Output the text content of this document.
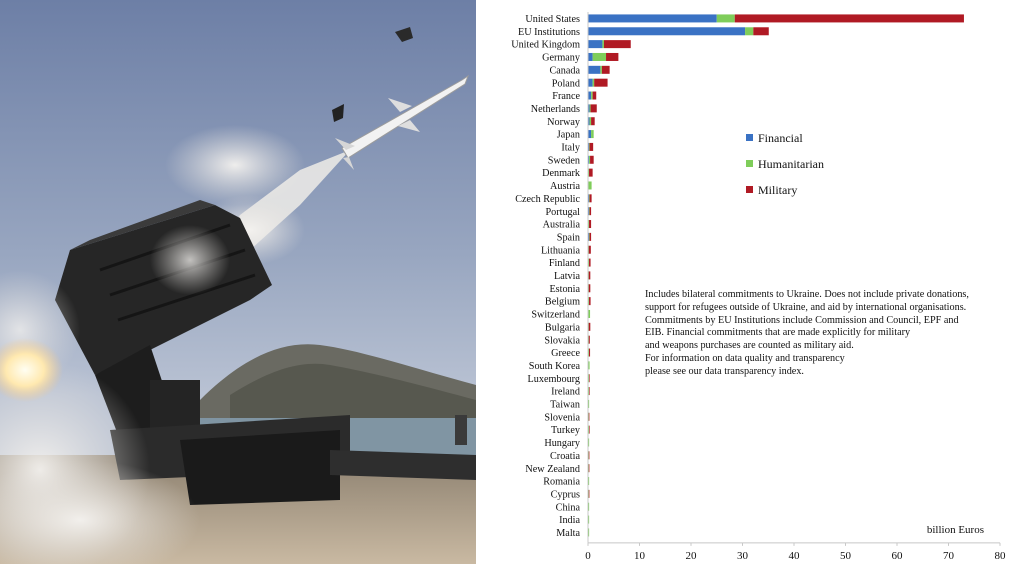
United States
EU Institutions
United Kingdom
Germany
Canada
Poland
France
Netherlands
Norway
Japan
Italy
Sweden
Denmark
Austria
Czech Republic
Portugal
Australia
Spain
Lithuania
Finland
Latvia
Estonia
Belgium
Switzerland
Bulgaria
Slovakia
Greece
South Korea
Luxembourg
Ireland
Taiwan
Slovenia
Turkey
Hungary
Croatia
New Zealand
Romania
Cyprus
China
India
Malta
0	10	20	30	40	50	60	70	80
billion Euros
Financial
Humanitarian
Military
Includes bilateral commitments to Ukraine. Does not include private donations,
support for refugees outside of Ukraine, and aid by international organisations.
Commitments by EU Institutions include Commission and Council, EPF and
EIB. Financial commitments that are made explicitly for military
and weapons purchases are counted as military aid.
For information on data quality and transparency
please see our data transparency index.
